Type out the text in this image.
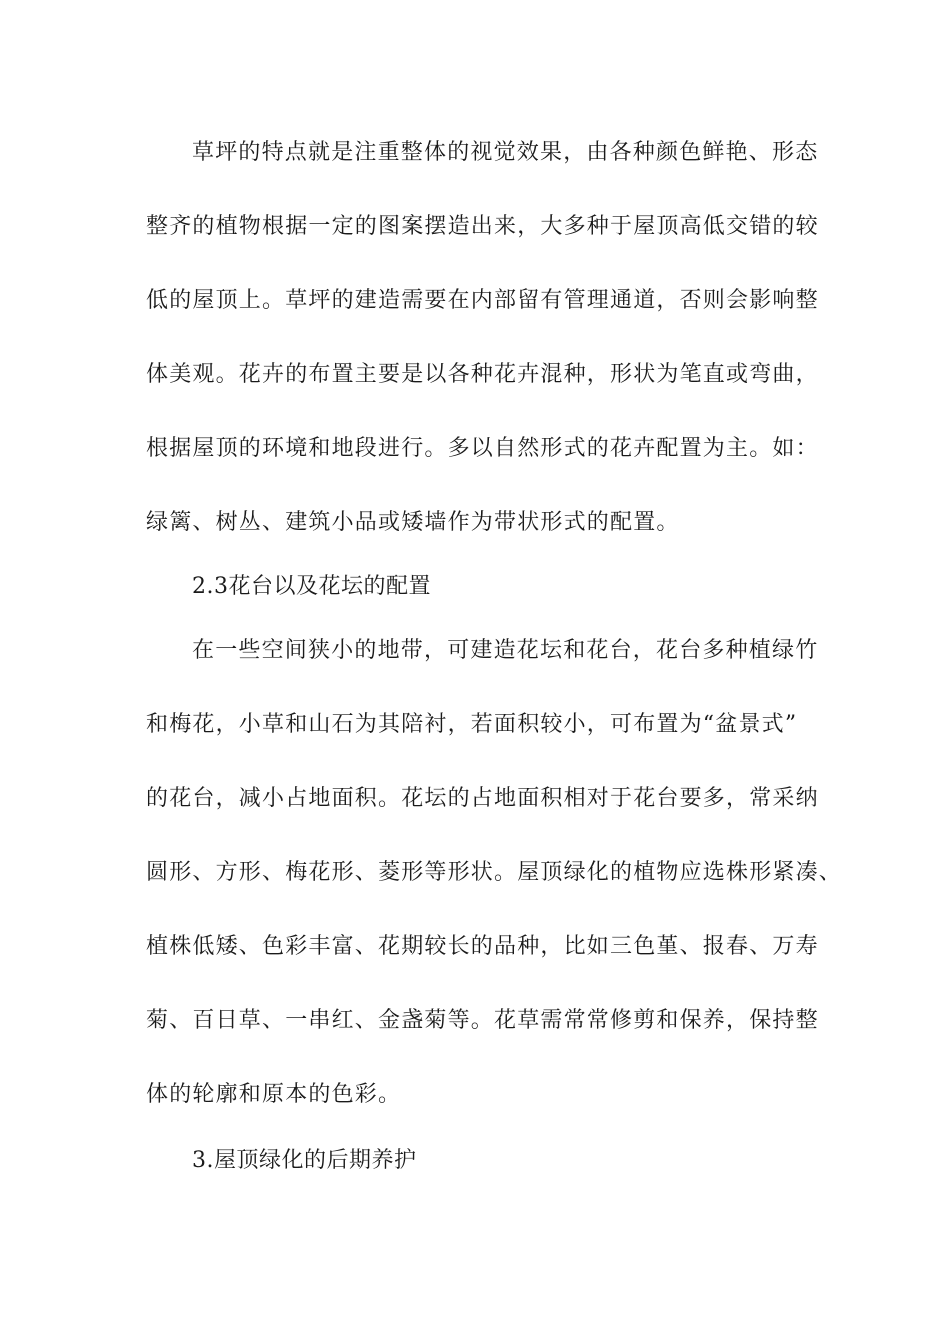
草坪的特点就是注重整体的视觉效果，由各种颜色鲜艳、形态
整齐的植物根据一定的图案摆造出来，大多种于屋顶高低交错的较
低的屋顶上。草坪的建造需要在内部留有管理通道，否则会影响整
体美观。花卉的布置主要是以各种花卉混种，形状为笔直或弯曲，
根据屋顶的环境和地段进行。多以自然形式的花卉配置为主。如：
绿篱、树丛、建筑小品或矮墙作为带状形式的配置。
2.3花台以及花坛的配置
在一些空间狭小的地带，可建造花坛和花台，花台多种植绿竹
和梅花，小草和山石为其陪衬，若面积较小，可布置为“盆景式”
的花台，减小占地面积。花坛的占地面积相对于花台要多，常采纳
圆形、方形、梅花形、菱形等形状。屋顶绿化的植物应选株形紧凑、
植株低矮、色彩丰富、花期较长的品种，比如三色堇、报春、万寿
菊、百日草、一串红、金盏菊等。花草需常常修剪和保养，保持整
体的轮廓和原本的色彩。
3.屋顶绿化的后期养护
